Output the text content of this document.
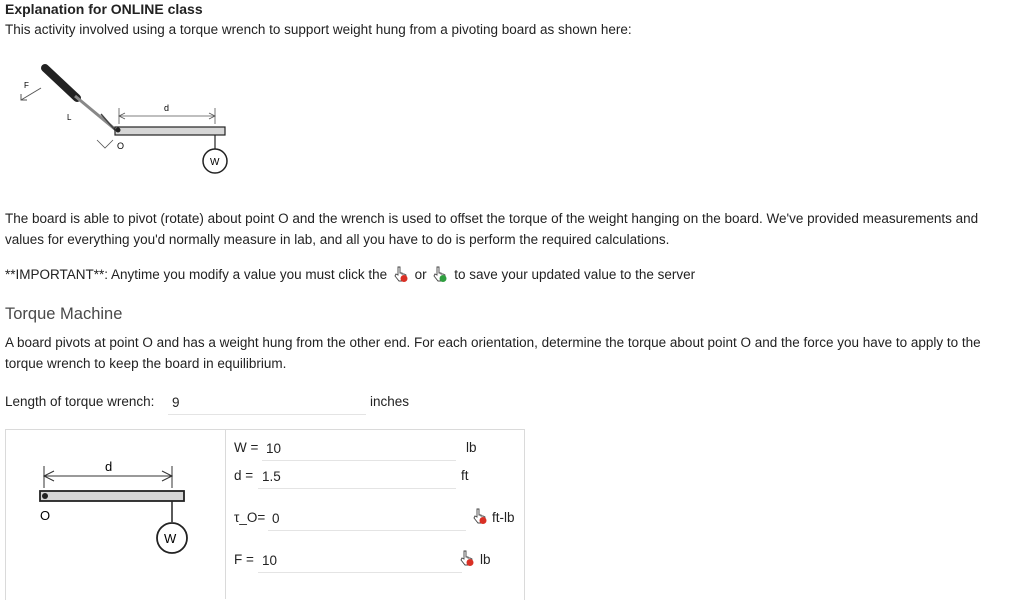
Explanation for ONLINE class
This activity involved using a torque wrench to support weight hung from a pivoting board as shown here:
F
L
d
O
W
The board is able to pivot (rotate) about point O and the wrench is used to offset the torque of the weight hanging on the board. We've provided measurements and values for everything you'd normally measure in lab, and all you have to do is perform the required calculations.
**IMPORTANT**: Anytime you modify a value you must click the or to save your updated value to the server
Torque Machine
A board pivots at point O and has a weight hung from the other end. For each orientation, determine the torque about point O and the force you have to apply to the torque wrench to keep the board in equilibrium.
Length of torque wrench:
9	inches
d
O
W
W =
10	lb
d =
1.5	ft
τ_O=
0	ft-lb
F =
10	lb
